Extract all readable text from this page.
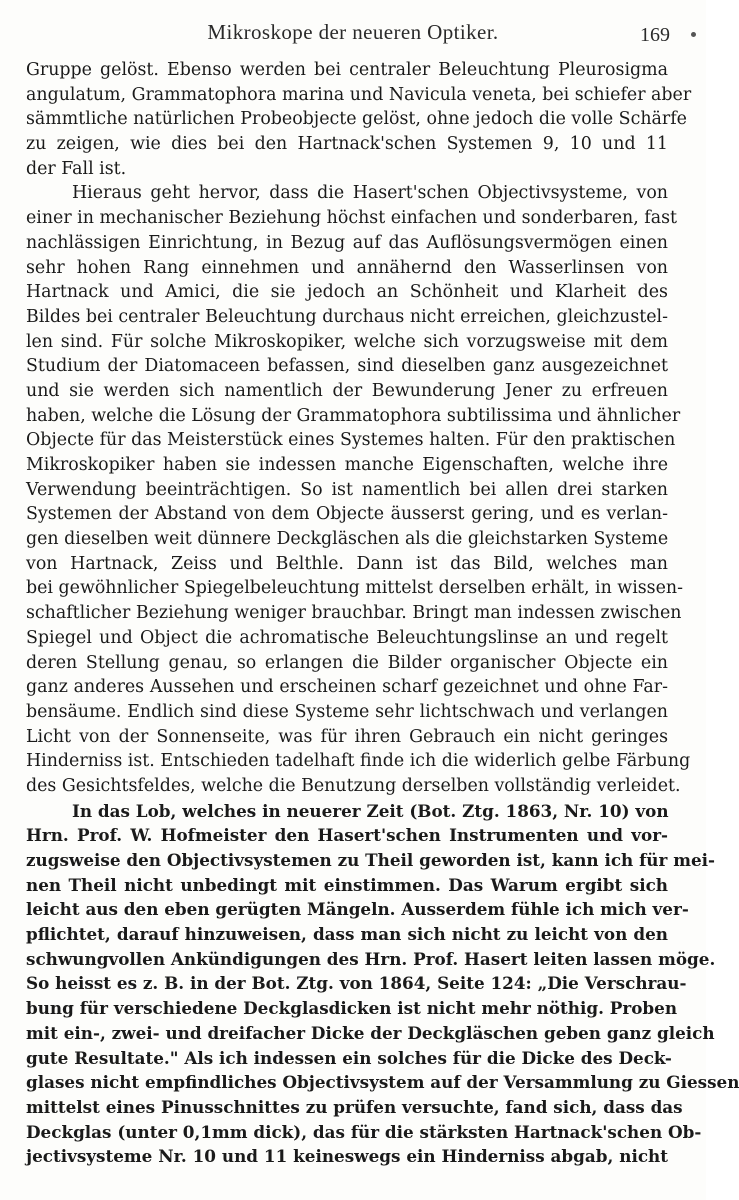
Mikroskope der neueren Optiker.	169
Gruppe gelöst. Ebenso werden bei centraler Beleuchtung Pleurosigma
angulatum, Grammatophora marina und Navicula veneta, bei schiefer aber
sämmtliche natürlichen Probeobjecte gelöst, ohne jedoch die volle Schärfe
zu zeigen, wie dies bei den Hartnack'schen Systemen 9, 10 und 11
der Fall ist.
Hieraus geht hervor, dass die Hasert'schen Objectivsysteme, von
einer in mechanischer Beziehung höchst einfachen und sonderbaren, fast
nachlässigen Einrichtung, in Bezug auf das Auflösungsvermögen einen
sehr hohen Rang einnehmen und annähernd den Wasserlinsen von
Hartnack und Amici, die sie jedoch an Schönheit und Klarheit des
Bildes bei centraler Beleuchtung durchaus nicht erreichen, gleichzustel-
len sind. Für solche Mikroskopiker, welche sich vorzugsweise mit dem
Studium der Diatomaceen befassen, sind dieselben ganz ausgezeichnet
und sie werden sich namentlich der Bewunderung Jener zu erfreuen
haben, welche die Lösung der Grammatophora subtilissima und ähnlicher
Objecte für das Meisterstück eines Systemes halten. Für den praktischen
Mikroskopiker haben sie indessen manche Eigenschaften, welche ihre
Verwendung beeinträchtigen. So ist namentlich bei allen drei starken
Systemen der Abstand von dem Objecte äusserst gering, und es verlan-
gen dieselben weit dünnere Deckgläschen als die gleichstarken Systeme
von Hartnack, Zeiss und Belthle. Dann ist das Bild, welches man
bei gewöhnlicher Spiegelbeleuchtung mittelst derselben erhält, in wissen-
schaftlicher Beziehung weniger brauchbar. Bringt man indessen zwischen
Spiegel und Object die achromatische Beleuchtungslinse an und regelt
deren Stellung genau, so erlangen die Bilder organischer Objecte ein
ganz anderes Aussehen und erscheinen scharf gezeichnet und ohne Far-
bensäume. Endlich sind diese Systeme sehr lichtschwach und verlangen
Licht von der Sonnenseite, was für ihren Gebrauch ein nicht geringes
Hinderniss ist. Entschieden tadelhaft finde ich die widerlich gelbe Färbung
des Gesichtsfeldes, welche die Benutzung derselben vollständig verleidet.
In das Lob, welches in neuerer Zeit (Bot. Ztg. 1863, Nr. 10) von
Hrn. Prof. W. Hofmeister den Hasert'schen Instrumenten und vor-
zugsweise den Objectivsystemen zu Theil geworden ist, kann ich für mei-
nen Theil nicht unbedingt mit einstimmen. Das Warum ergibt sich
leicht aus den eben gerügten Mängeln. Ausserdem fühle ich mich ver-
pflichtet, darauf hinzuweisen, dass man sich nicht zu leicht von den
schwungvollen Ankündigungen des Hrn. Prof. Hasert leiten lassen möge.
So heisst es z. B. in der Bot. Ztg. von 1864, Seite 124: „Die Verschrau-
bung für verschiedene Deckglasdicken ist nicht mehr nöthig. Proben
mit ein-, zwei- und dreifacher Dicke der Deckgläschen geben ganz gleich
gute Resultate." Als ich indessen ein solches für die Dicke des Deck-
glases nicht empfindliches Objectivsystem auf der Versammlung zu Giessen
mittelst eines Pinusschnittes zu prüfen versuchte, fand sich, dass das
Deckglas (unter 0,1mm dick), das für die stärksten Hartnack'schen Ob-
jectivsysteme Nr. 10 und 11 keineswegs ein Hinderniss abgab, nicht
